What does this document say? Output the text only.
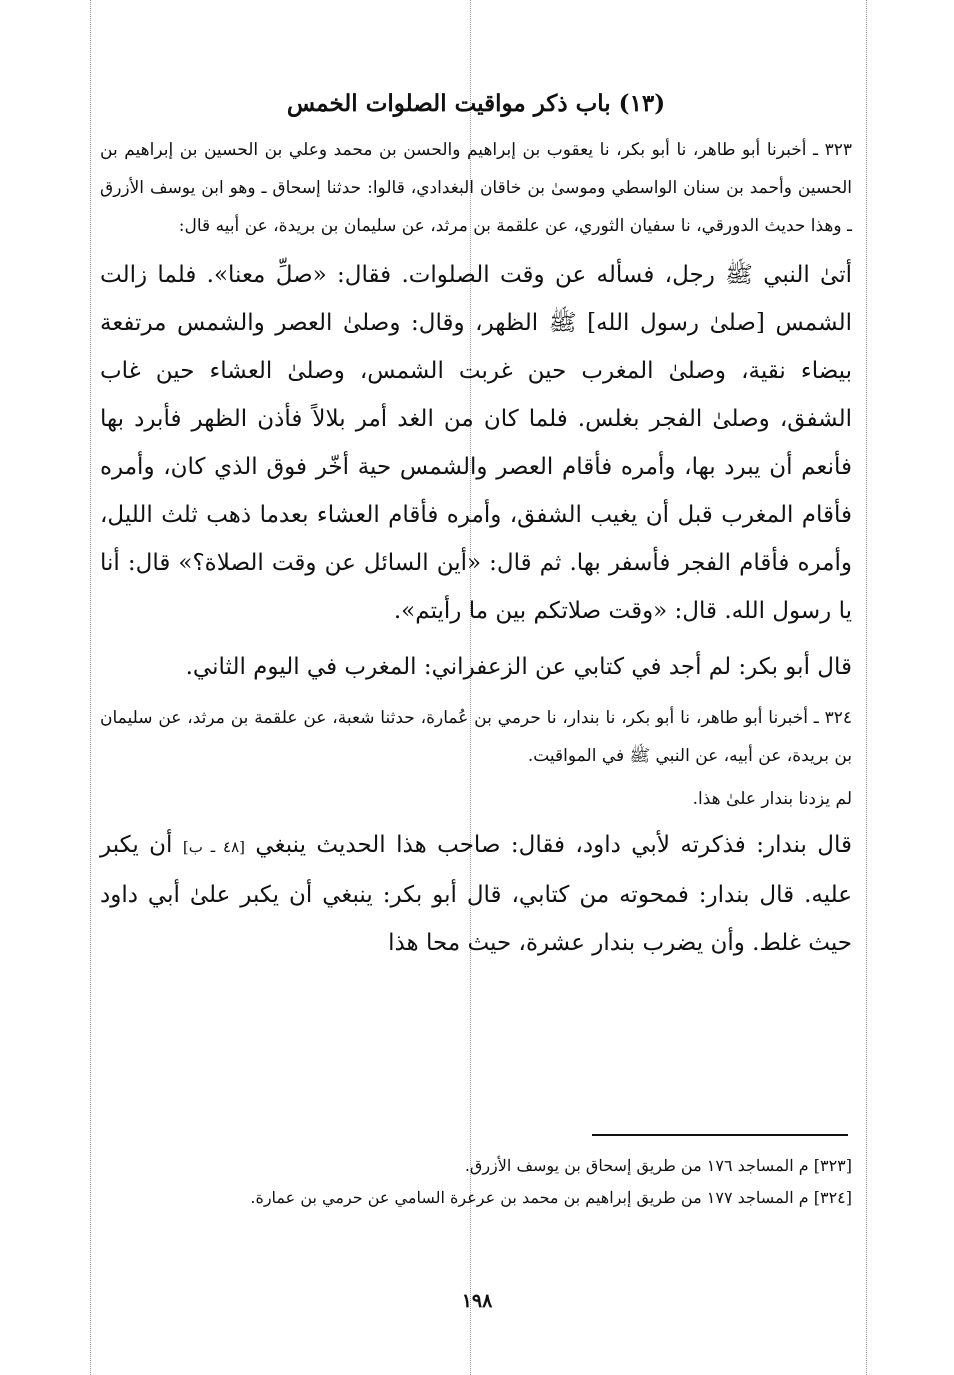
(١٣) باب ذكر مواقيت الصلوات الخمس

٣٢٣ ـ أخبرنا أبو طاهر، نا أبو بكر، نا يعقوب بن إبراهيم والحسن بن محمد وعلي بن الحسين بن إبراهيم بن الحسين وأحمد بن سنان الواسطي وموسىٰ بن خاقان البغدادي، قالوا: حدثنا إسحاق ـ وهو ابن يوسف الأزرق ـ وهذا حديث الدورقي، نا سفيان الثوري، عن علقمة بن مرثد، عن سليمان بن بريدة، عن أبيه قال:

أتىٰ النبي ﷺ رجل، فسأله عن وقت الصلوات. فقال: «صلِّ معنا». فلما زالت الشمس [صلىٰ رسول الله] ﷺ الظهر، وقال: وصلىٰ العصر والشمس مرتفعة بيضاء نقية، وصلىٰ المغرب حين غربت الشمس، وصلىٰ العشاء حين غاب الشفق، وصلىٰ الفجر بغلس. فلما كان من الغد أمر بلالاً فأذن الظهر فأبرد بها فأنعم أن يبرد بها، وأمره فأقام العصر والشمس حية أخّر فوق الذي كان، وأمره فأقام المغرب قبل أن يغيب الشفق، وأمره فأقام العشاء بعدما ذهب ثلث الليل، وأمره فأقام الفجر فأسفر بها. ثم قال: «أين السائل عن وقت الصلاة؟» قال: أنا يا رسول الله. قال: «وقت صلاتكم بين ما رأيتم».

قال أبو بكر: لم أجد في كتابي عن الزعفراني: المغرب في اليوم الثاني.

٣٢٤ ـ أخبرنا أبو طاهر، نا أبو بكر، نا بندار، نا حرمي بن عُمارة، حدثنا شعبة، عن علقمة بن مرثد، عن سليمان بن بريدة، عن أبيه، عن النبي ﷺ في المواقيت.

لم يزدنا بندار علىٰ هذا.

قال بندار: فذكرته لأبي داود، فقال: صاحب هذا الحديث ينبغي [٤٨ ـ ب] أن يكبر عليه. قال بندار: فمحوته من كتابي، قال أبو بكر: ينبغي أن يكبر علىٰ أبي داود حيث غلط. وأن يضرب بندار عشرة، حيث محا هذا

[٣٢٣] م المساجد ١٧٦ من طريق إسحاق بن يوسف الأزرق.

[٣٢٤] م المساجد ١٧٧ من طريق إبراهيم بن محمد بن عرعرة السامي عن حرمي بن عمارة.

١٩٨
